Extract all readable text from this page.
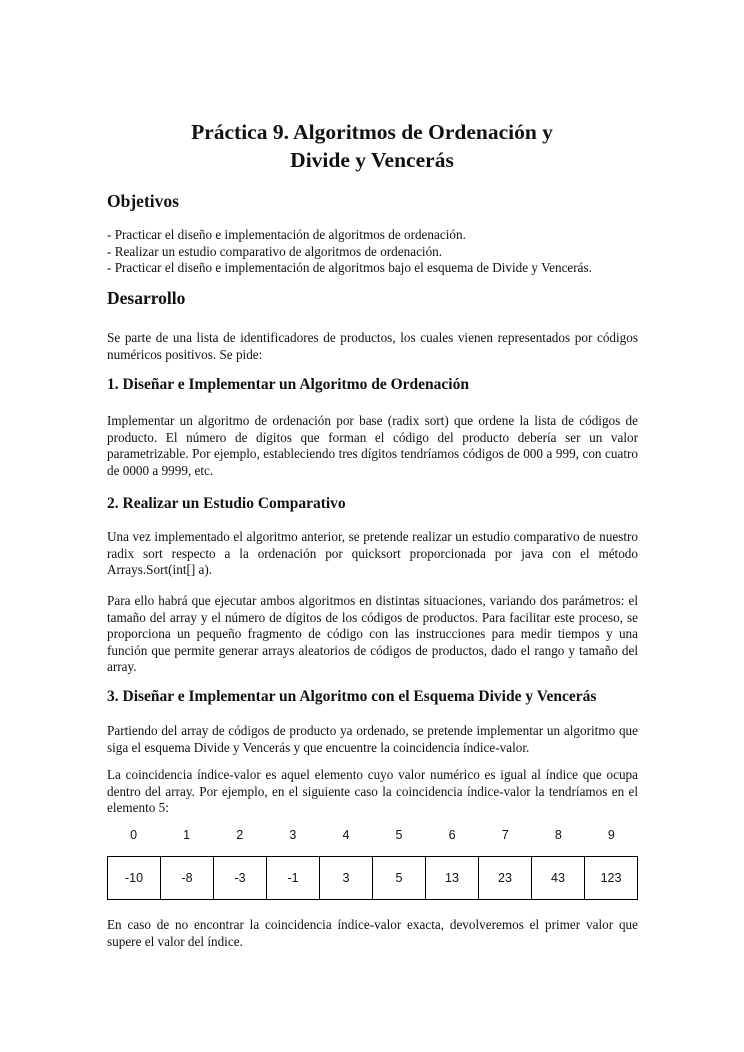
Práctica 9. Algoritmos de Ordenación y
Divide y Vencerás
Objetivos
- Practicar el diseño e implementación de algoritmos de ordenación.
- Realizar un estudio comparativo de algoritmos de ordenación.
- Practicar el diseño e implementación de algoritmos bajo el esquema de Divide y Vencerás.
Desarrollo
Se parte de una lista de identificadores de productos, los cuales vienen representados por códigos numéricos positivos. Se pide:
1. Diseñar e Implementar un Algoritmo de Ordenación
Implementar un algoritmo de ordenación por base (radix sort) que ordene la lista de códigos de producto. El número de dígitos que forman el código del producto debería ser un valor parametrizable. Por ejemplo, estableciendo tres dígitos tendríamos códigos de 000 a 999, con cuatro de 0000 a 9999, etc.
2. Realizar un Estudio Comparativo
Una vez implementado el algoritmo anterior, se pretende realizar un estudio comparativo de nuestro radix sort respecto a la ordenación por quicksort proporcionada por java con el método Arrays.Sort(int[] a).
Para ello habrá que ejecutar ambos algoritmos en distintas situaciones, variando dos parámetros: el tamaño del array y el número de dígitos de los códigos de productos. Para facilitar este proceso, se proporciona un pequeño fragmento de código con las instrucciones para medir tiempos y una función que permite generar arrays aleatorios de códigos de productos, dado el rango y tamaño del array.
3. Diseñar e Implementar un Algoritmo con el Esquema Divide y Vencerás
Partiendo del array de códigos de producto ya ordenado, se pretende implementar un algoritmo que siga el esquema Divide y Vencerás y que encuentre la coincidencia índice-valor.
La coincidencia índice-valor es aquel elemento cuyo valor numérico es igual al índice que ocupa dentro del array. Por ejemplo, en el siguiente caso la coincidencia índice-valor la tendríamos en el elemento 5:
0	1	2	3	4	5	6	7	8	9
-10	-8	-3	-1	3	5	13	23	43	123
En caso de no encontrar la coincidencia índice-valor exacta, devolveremos el primer valor que supere el valor del índice.
